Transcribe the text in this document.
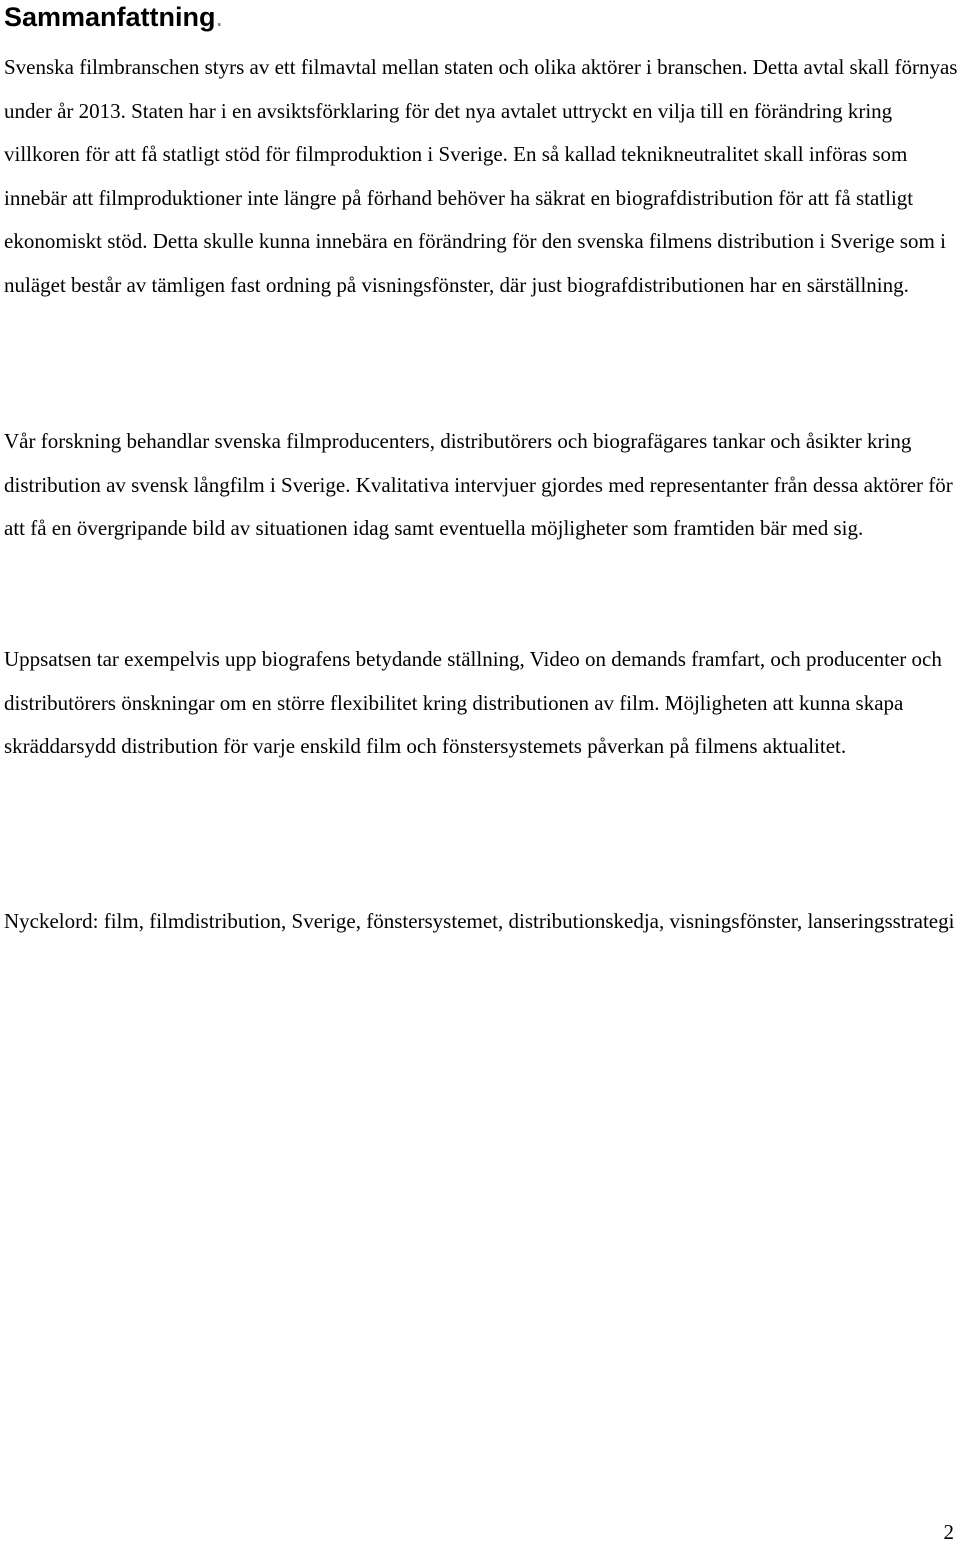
Sammanfattning.

Svenska filmbranschen styrs av ett filmavtal mellan staten och olika aktörer i branschen. Detta avtal skall förnyas under år 2013. Staten har i en avsiktsförklaring för det nya avtalet uttryckt en vilja till en förändring kring villkoren för att få statligt stöd för filmproduktion i Sverige. En så kallad teknikneutralitet skall införas som innebär att filmproduktioner inte längre på förhand behöver ha säkrat en biografdistribution för att få statligt ekonomiskt stöd. Detta skulle kunna innebära en förändring för den svenska filmens distribution i Sverige som i nuläget består av tämligen fast ordning på visningsfönster, där just biografdistributionen har en särställning.

Vår forskning behandlar svenska filmproducenters, distributörers och biografägares tankar och åsikter kring distribution av svensk långfilm i Sverige. Kvalitativa intervjuer gjordes med representanter från dessa aktörer för att få en övergripande bild av situationen idag samt eventuella möjligheter som framtiden bär med sig.

Uppsatsen tar exempelvis upp biografens betydande ställning, Video on demands framfart, och producenter och distributörers önskningar om en större flexibilitet kring distributionen av film. Möjligheten att kunna skapa skräddarsydd distribution för varje enskild film och fönstersystemets påverkan på filmens aktualitet.

Nyckelord: film, filmdistribution, Sverige, fönstersystemet, distributionskedja, visningsfönster, lanseringsstrategi

2
